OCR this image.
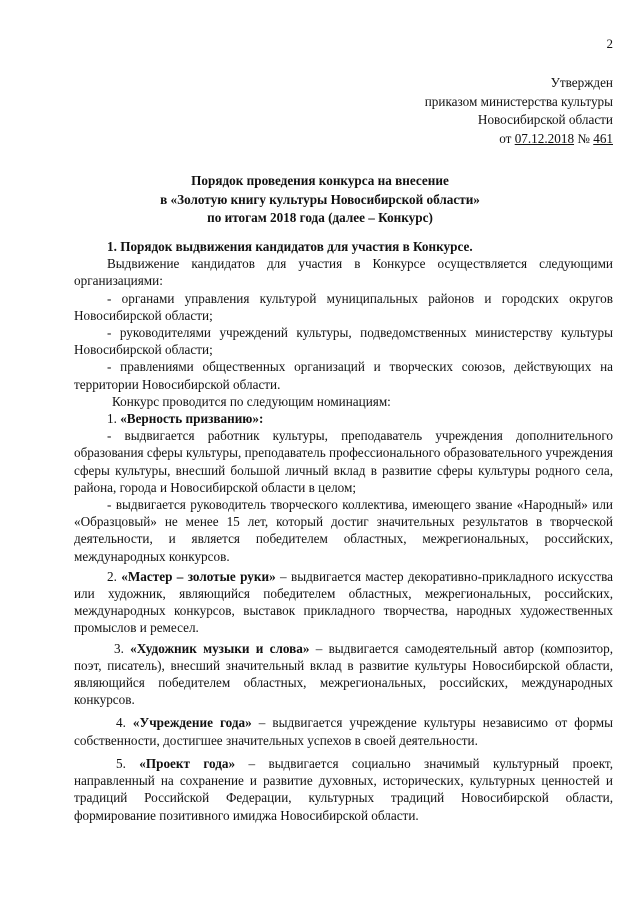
2
Утвержден
приказом министерства культуры
Новосибирской области
от 07.12.2018 № 461
Порядок проведения конкурса на внесение
в «Золотую книгу культуры Новосибирской области»
по итогам 2018 года (далее – Конкурс)

1. Порядок выдвижения кандидатов для участия в Конкурсе.

Выдвижение кандидатов для участия в Конкурсе осуществляется следующими организациями:

- органами управления культурой муниципальных районов и городских округов Новосибирской области;

- руководителями учреждений культуры, подведомственных министерству культуры Новосибирской области;

- правлениями общественных организаций и творческих союзов, действующих на территории Новосибирской области.

Конкурс проводится по следующим номинациям:

1. «Верность призванию»:

- выдвигается работник культуры, преподаватель учреждения дополнительного образования сферы культуры, преподаватель профессионального образовательного учреждения сферы культуры, внесший большой личный вклад в развитие сферы культуры родного села, района, города и Новосибирской области в целом;

- выдвигается руководитель творческого коллектива, имеющего звание «Народный» или «Образцовый» не менее 15 лет, который достиг значительных результатов в творческой деятельности, и является победителем областных, межрегиональных, российских, международных конкурсов.

2. «Мастер – золотые руки» – выдвигается мастер декоративно-прикладного искусства или художник, являющийся победителем областных, межрегиональных, российских, международных конкурсов, выставок прикладного творчества, народных художественных промыслов и ремесел.

3. «Художник музыки и слова» – выдвигается самодеятельный автор (композитор, поэт, писатель), внесший значительный вклад в развитие культуры Новосибирской области, являющийся победителем областных, межрегиональных, российских, международных конкурсов.

4. «Учреждение года» – выдвигается учреждение культуры независимо от формы собственности, достигшее значительных успехов в своей деятельности.

5. «Проект года» – выдвигается социально значимый культурный проект, направленный на сохранение и развитие духовных, исторических, культурных ценностей и традиций Российской Федерации, культурных традиций Новосибирской области, формирование позитивного имиджа Новосибирской области.
